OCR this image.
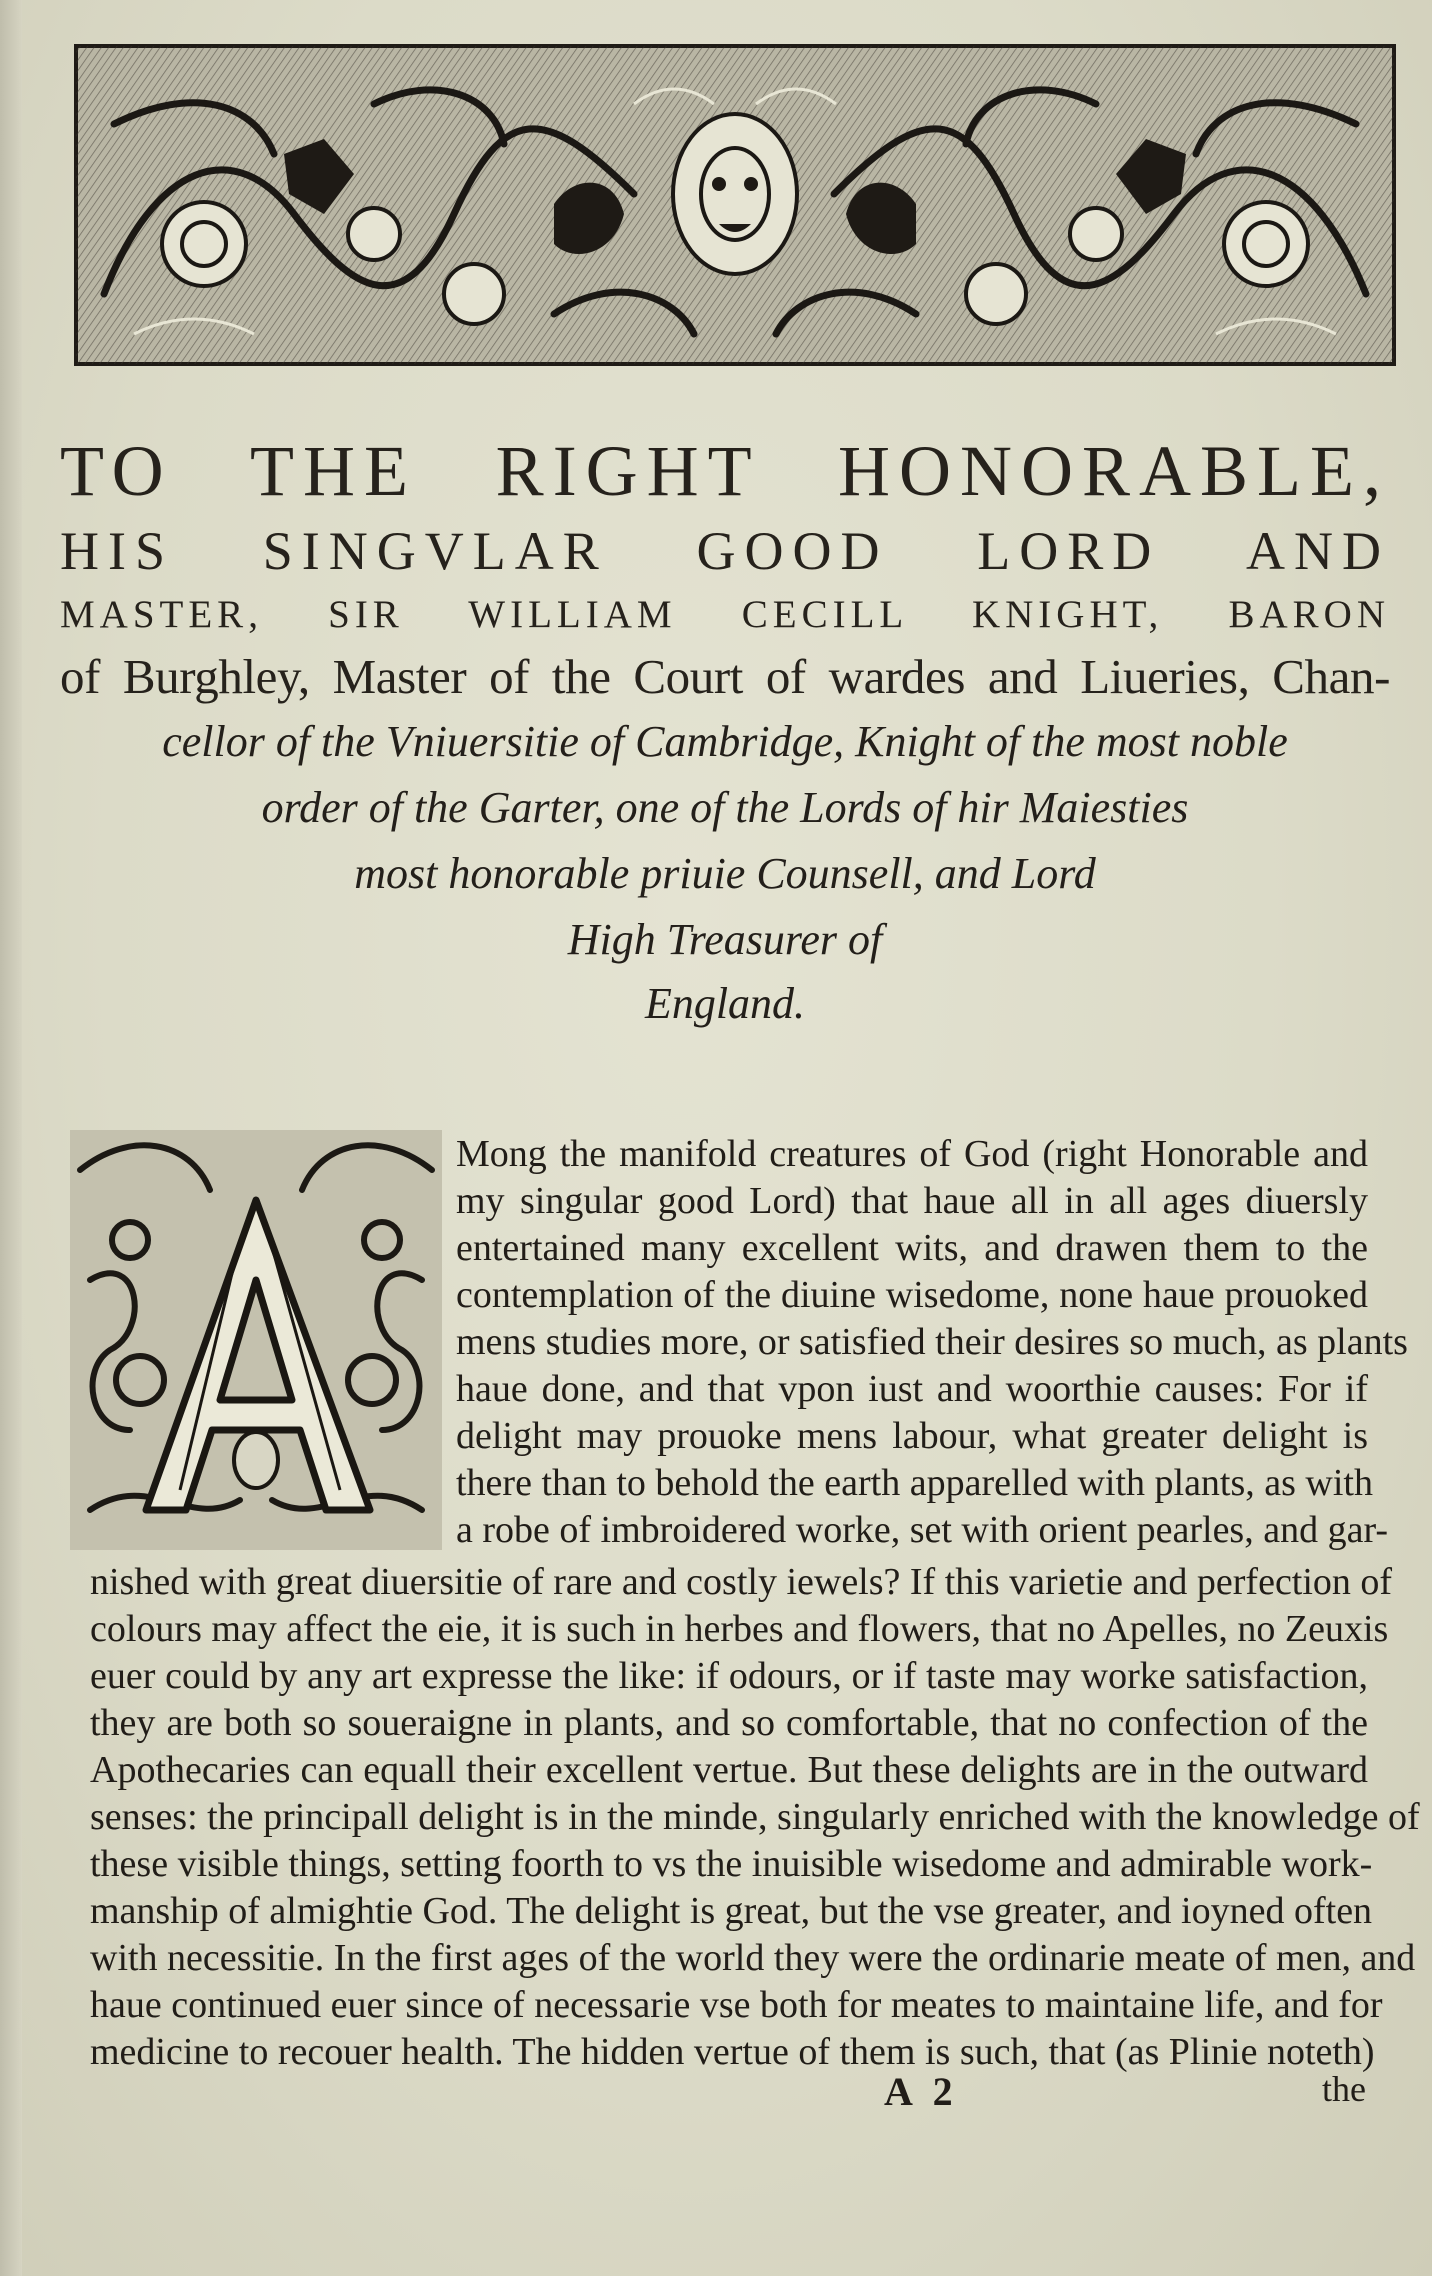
TO THE RIGHT HONORABLE,
HIS SINGVLAR GOOD LORD AND
MASTER, SIR WILLIAM CECILL KNIGHT, BARON
of Burghley, Master of the Court of wardes and Liueries, Chan-
cellor of the Vniuersitie of Cambridge, Knight of the most noble
order of the Garter, one of the Lords of hir Maiesties
most honorable priuie Counsell, and Lord
High Treasurer of
England.
Mong the manifold creatures of God (right Honorable and
my singular good Lord) that haue all in all ages diuersly
entertained many excellent wits, and drawen them to the
contemplation of the diuine wisedome, none haue prouoked
mens studies more, or satisfied their desires so much, as plants
haue done, and that vpon iust and woorthie causes: For if
delight may prouoke mens labour, what greater delight is
there than to behold the earth apparelled with plants, as with
a robe of imbroidered worke, set with orient pearles, and gar-
nished with great diuersitie of rare and costly iewels? If this varietie and perfection of
colours may affect the eie, it is such in herbes and flowers, that no Apelles, no Zeuxis
euer could by any art expresse the like: if odours, or if taste may worke satisfaction,
they are both so soueraigne in plants, and so comfortable, that no confection of the
Apothecaries can equall their excellent vertue. But these delights are in the outward
senses: the principall delight is in the minde, singularly enriched with the knowledge of
these visible things, setting foorth to vs the inuisible wisedome and admirable work-
manship of almightie God. The delight is great, but the vse greater, and ioyned often
with necessitie. In the first ages of the world they were the ordinarie meate of men, and
haue continued euer since of necessarie vse both for meates to maintaine life, and for
medicine to recouer health. The hidden vertue of them is such, that (as Plinie noteth)
A 2	the
